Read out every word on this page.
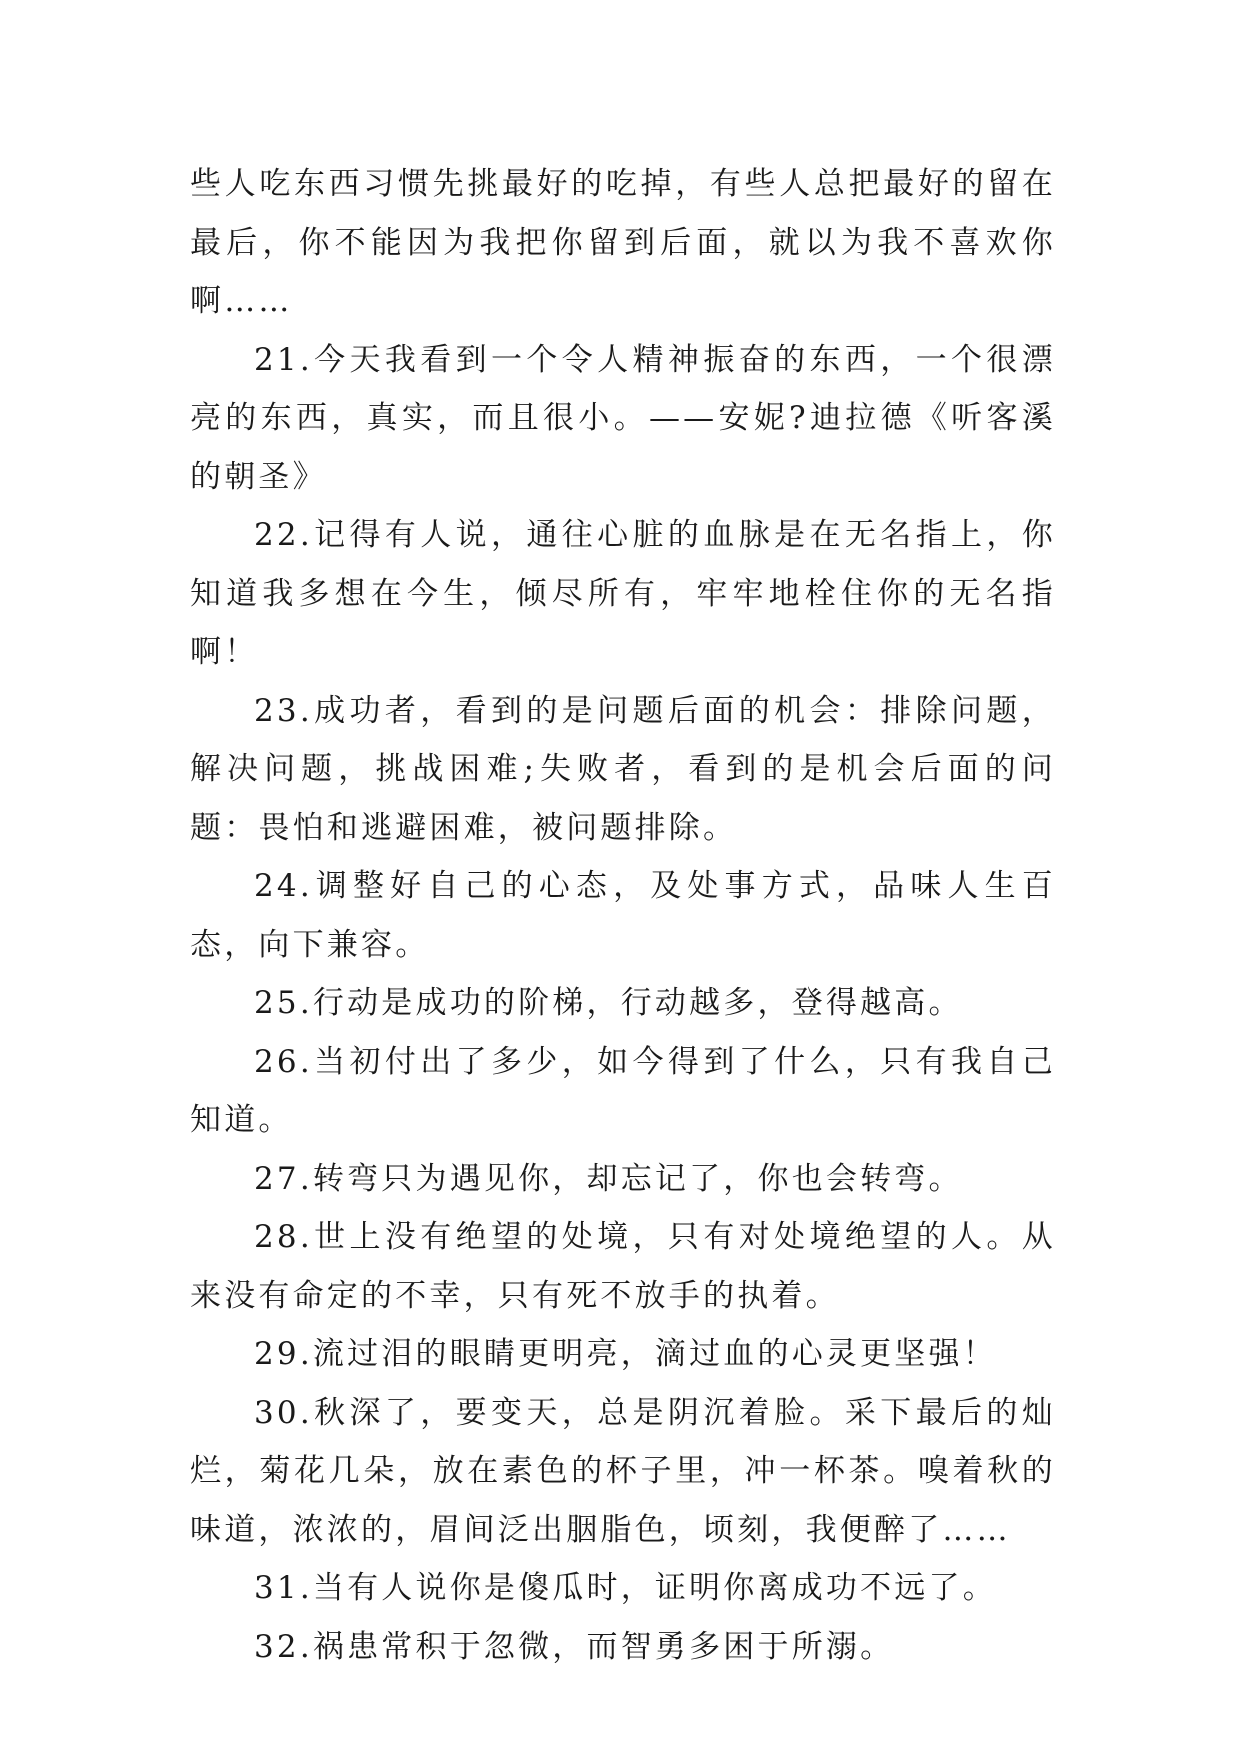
些人吃东西习惯先挑最好的吃掉，有些人总把最好的留在最后，你不能因为我把你留到后面，就以为我不喜欢你啊……

21.今天我看到一个令人精神振奋的东西，一个很漂亮的东西，真实，而且很小。——安妮?迪拉德《听客溪的朝圣》

22.记得有人说，通往心脏的血脉是在无名指上，你知道我多想在今生，倾尽所有，牢牢地栓住你的无名指啊！

23.成功者，看到的是问题后面的机会：排除问题，解决问题，挑战困难;失败者，看到的是机会后面的问题：畏怕和逃避困难，被问题排除。

24.调整好自己的心态，及处事方式，品味人生百态，向下兼容。

25.行动是成功的阶梯，行动越多，登得越高。

26.当初付出了多少，如今得到了什么，只有我自己知道。

27.转弯只为遇见你，却忘记了，你也会转弯。

28.世上没有绝望的处境，只有对处境绝望的人。从来没有命定的不幸，只有死不放手的执着。

29.流过泪的眼睛更明亮，滴过血的心灵更坚强！

30.秋深了，要变天，总是阴沉着脸。采下最后的灿烂，菊花几朵，放在素色的杯子里，冲一杯茶。嗅着秋的味道，浓浓的，眉间泛出胭脂色，顷刻，我便醉了……

31.当有人说你是傻瓜时，证明你离成功不远了。

32.祸患常积于忽微，而智勇多困于所溺。
